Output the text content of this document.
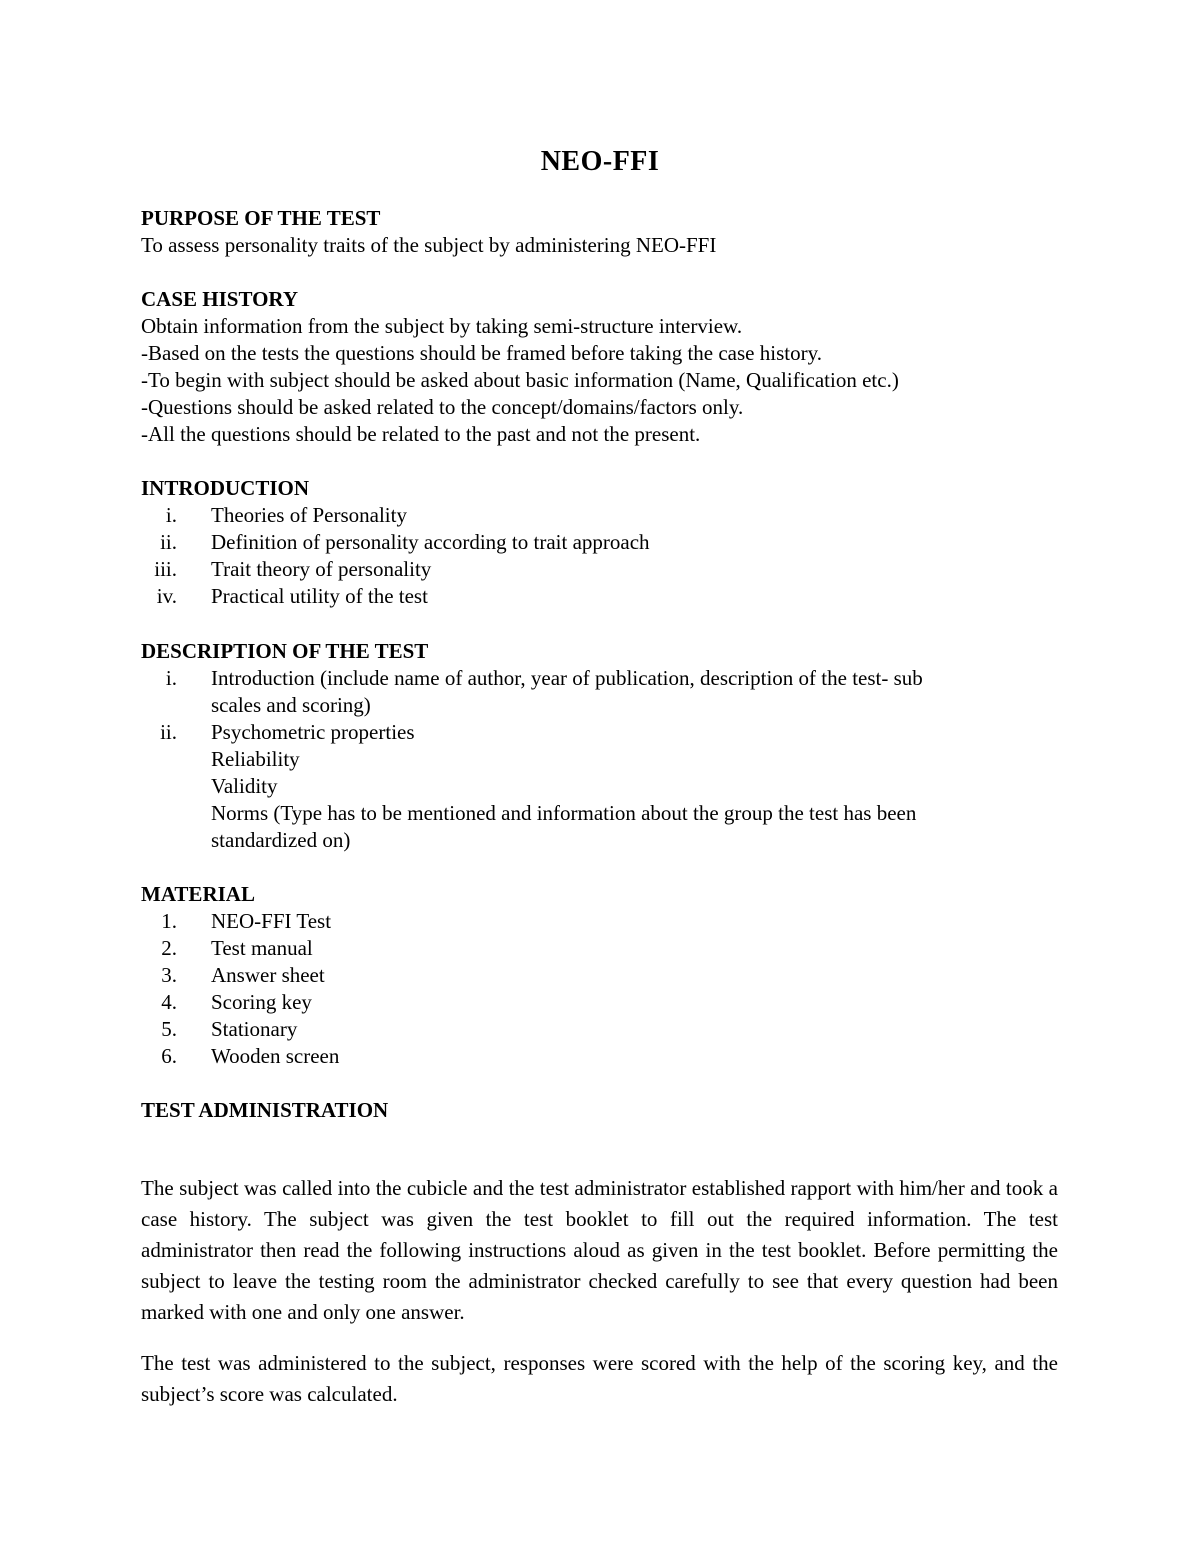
NEO-FFI
PURPOSE OF THE TEST
To assess personality traits of the subject by administering NEO-FFI
CASE HISTORY
Obtain information from the subject by taking semi-structure interview.
-Based on the tests the questions should be framed before taking the case history.
-To begin with subject should be asked about basic information (Name, Qualification etc.)
-Questions should be asked related to the concept/domains/factors only.
-All the questions should be related to the past and not the present.
INTRODUCTION
i. Theories of Personality
ii. Definition of personality according to trait approach
iii. Trait theory of personality
iv. Practical utility of the test
DESCRIPTION OF THE TEST
i. Introduction (include name of author, year of publication, description of the test- sub
scales and scoring)
ii. Psychometric properties
Reliability
Validity
Norms (Type has to be mentioned and information about the group the test has been
standardized on)
MATERIAL
1. NEO-FFI Test
2. Test manual
3. Answer sheet
4. Scoring key
5. Stationary
6. Wooden screen
TEST ADMINISTRATION
The subject was called into the cubicle and the test administrator established rapport with him/her and took a case history. The subject was given the test booklet to fill out the required information. The test administrator then read the following instructions aloud as given in the test booklet. Before permitting the subject to leave the testing room the administrator checked carefully to see that every question had been marked with one and only one answer.
The test was administered to the subject, responses were scored with the help of the scoring key, and the subject’s score was calculated.
